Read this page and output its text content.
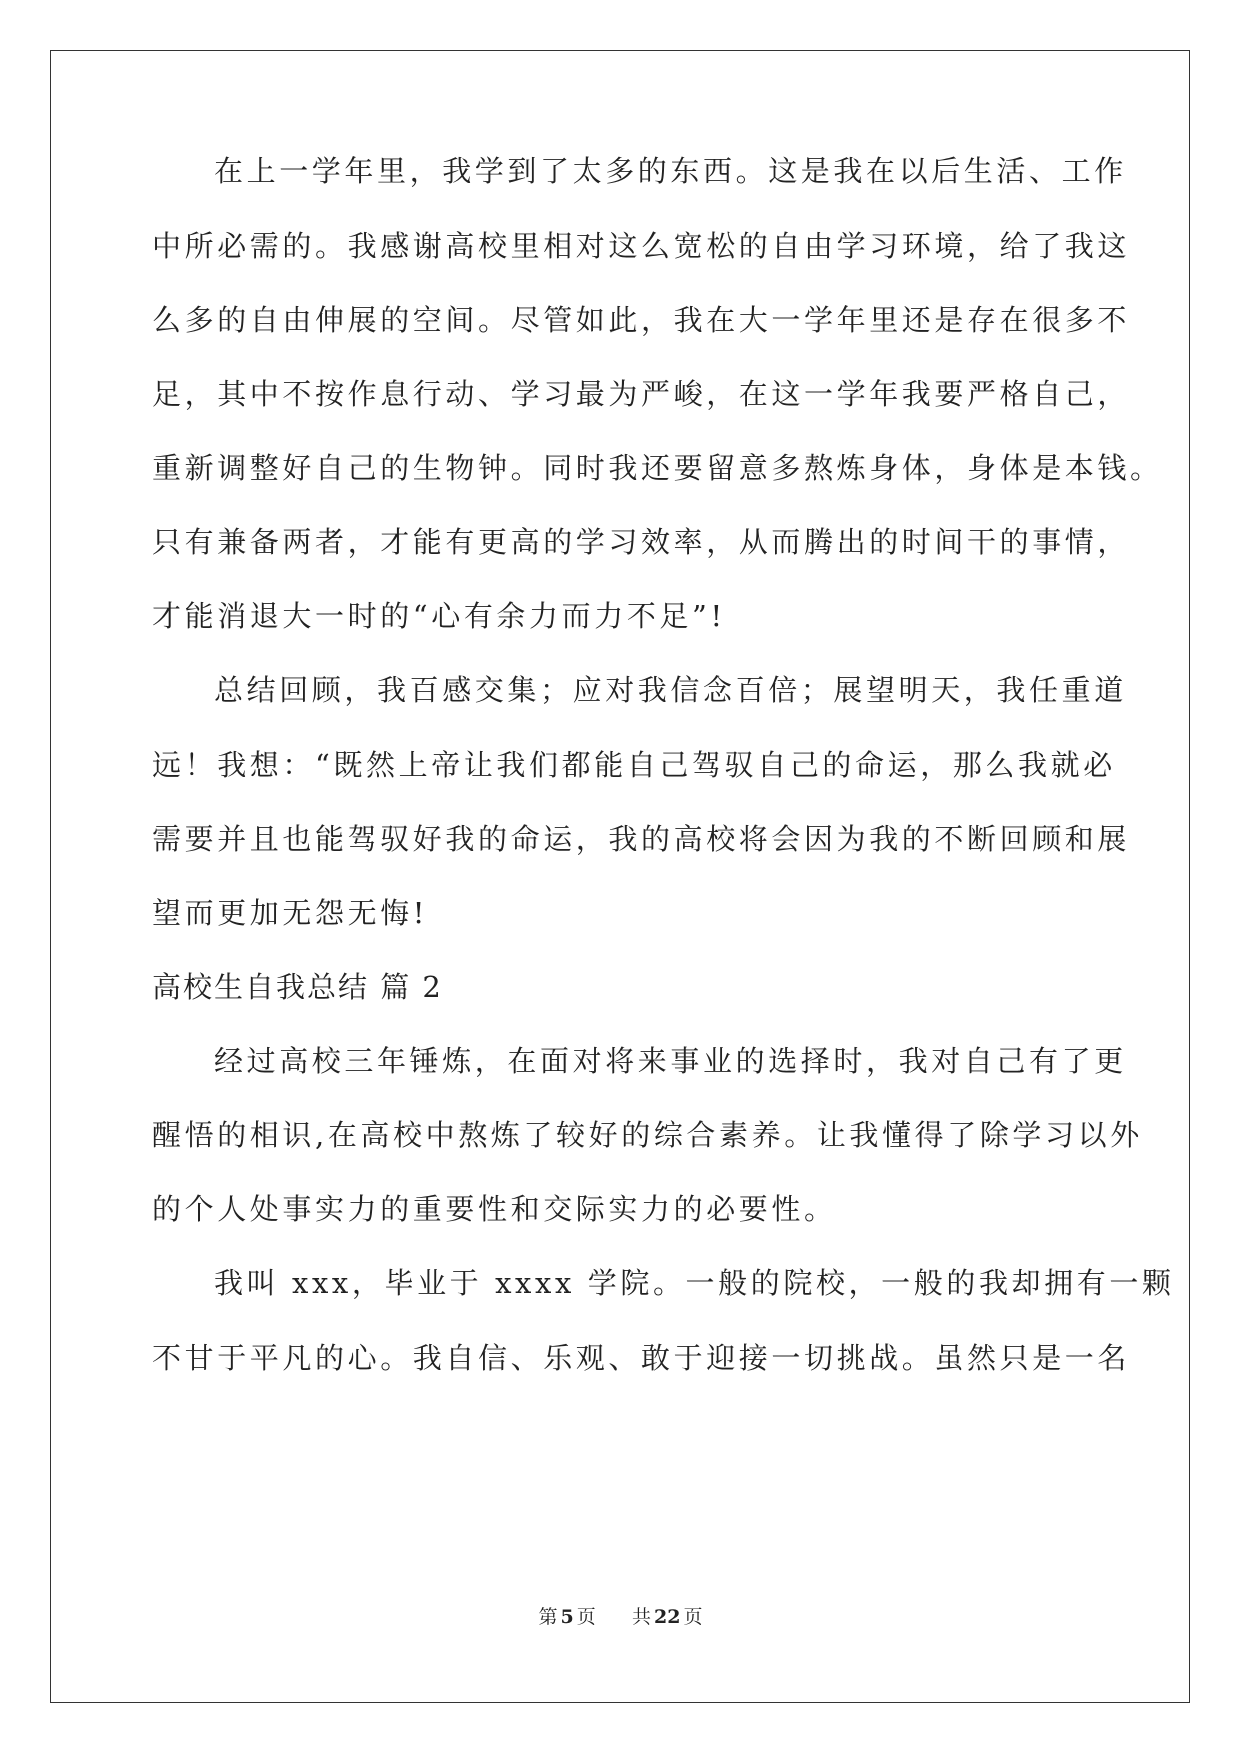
在上一学年里，我学到了太多的东西。这是我在以后生活、工作
中所必需的。我感谢高校里相对这么宽松的自由学习环境，给了我这
么多的自由伸展的空间。尽管如此，我在大一学年里还是存在很多不
足，其中不按作息行动、学习最为严峻，在这一学年我要严格自己，
重新调整好自己的生物钟。同时我还要留意多熬炼身体，身体是本钱。
只有兼备两者，才能有更高的学习效率，从而腾出的时间干的事情，
才能消退大一时的“心有余力而力不足”!
总结回顾，我百感交集；应对我信念百倍；展望明天，我任重道
远！我想：“既然上帝让我们都能自己驾驭自己的命运，那么我就必
需要并且也能驾驭好我的命运，我的高校将会因为我的不断回顾和展
望而更加无怨无悔!
高校生自我总结 篇 2
经过高校三年锤炼，在面对将来事业的选择时，我对自己有了更
醒悟的相识,在高校中熬炼了较好的综合素养。让我懂得了除学习以外
的个人处事实力的重要性和交际实力的必要性。
我叫 xxx，毕业于 xxxx 学院。一般的院校，一般的我却拥有一颗
不甘于平凡的心。我自信、乐观、敢于迎接一切挑战。虽然只是一名
第 5 页 共 22 页
